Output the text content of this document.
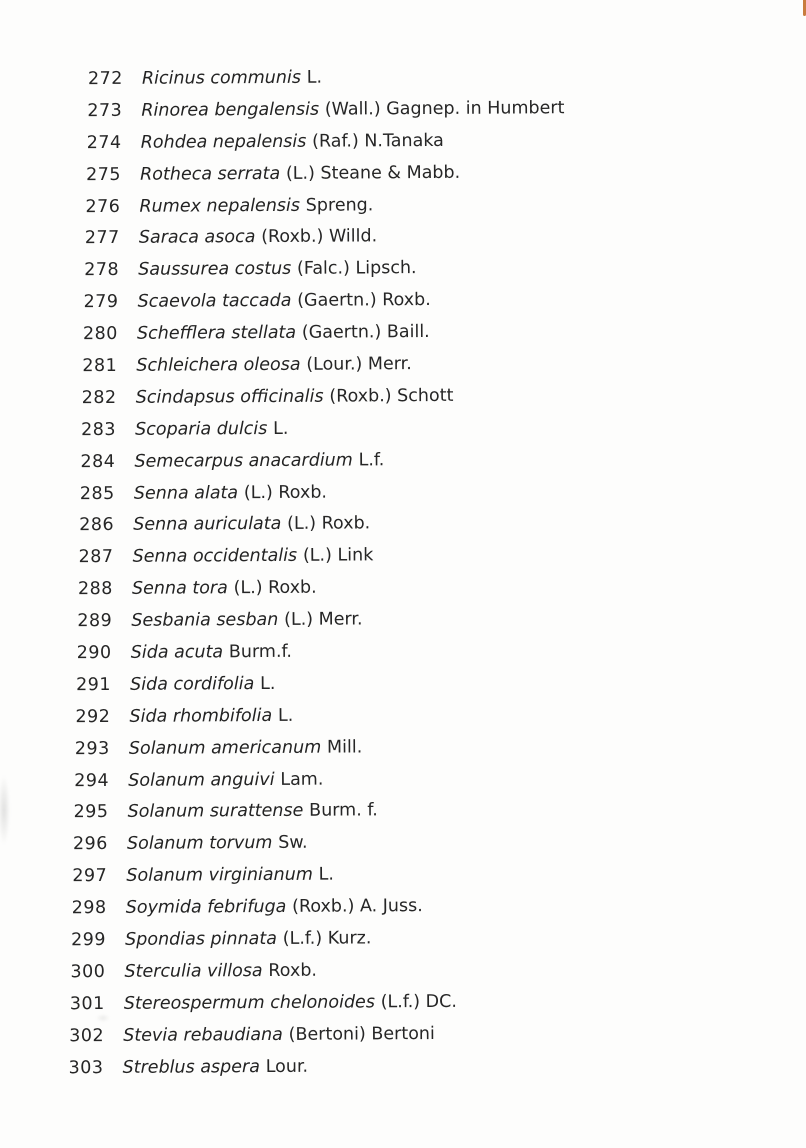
272	Ricinus communis L.
273	Rinorea bengalensis (Wall.) Gagnep. in Humbert
274	Rohdea nepalensis (Raf.) N.Tanaka
275	Rotheca serrata (L.) Steane & Mabb.
276	Rumex nepalensis Spreng.
277	Saraca asoca (Roxb.) Willd.
278	Saussurea costus (Falc.) Lipsch.
279	Scaevola taccada (Gaertn.) Roxb.
280	Schefflera stellata (Gaertn.) Baill.
281	Schleichera oleosa (Lour.) Merr.
282	Scindapsus officinalis (Roxb.) Schott
283	Scoparia dulcis L.
284	Semecarpus anacardium L.f.
285	Senna alata (L.) Roxb.
286	Senna auriculata (L.) Roxb.
287	Senna occidentalis (L.) Link
288	Senna tora (L.) Roxb.
289	Sesbania sesban (L.) Merr.
290	Sida acuta Burm.f.
291	Sida cordifolia L.
292	Sida rhombifolia L.
293	Solanum americanum Mill.
294	Solanum anguivi Lam.
295	Solanum surattense Burm. f.
296	Solanum torvum Sw.
297	Solanum virginianum L.
298	Soymida febrifuga (Roxb.) A. Juss.
299	Spondias pinnata (L.f.) Kurz.
300	Sterculia villosa Roxb.
301	Stereospermum chelonoides (L.f.) DC.
302	Stevia rebaudiana (Bertoni) Bertoni
303	Streblus aspera Lour.
